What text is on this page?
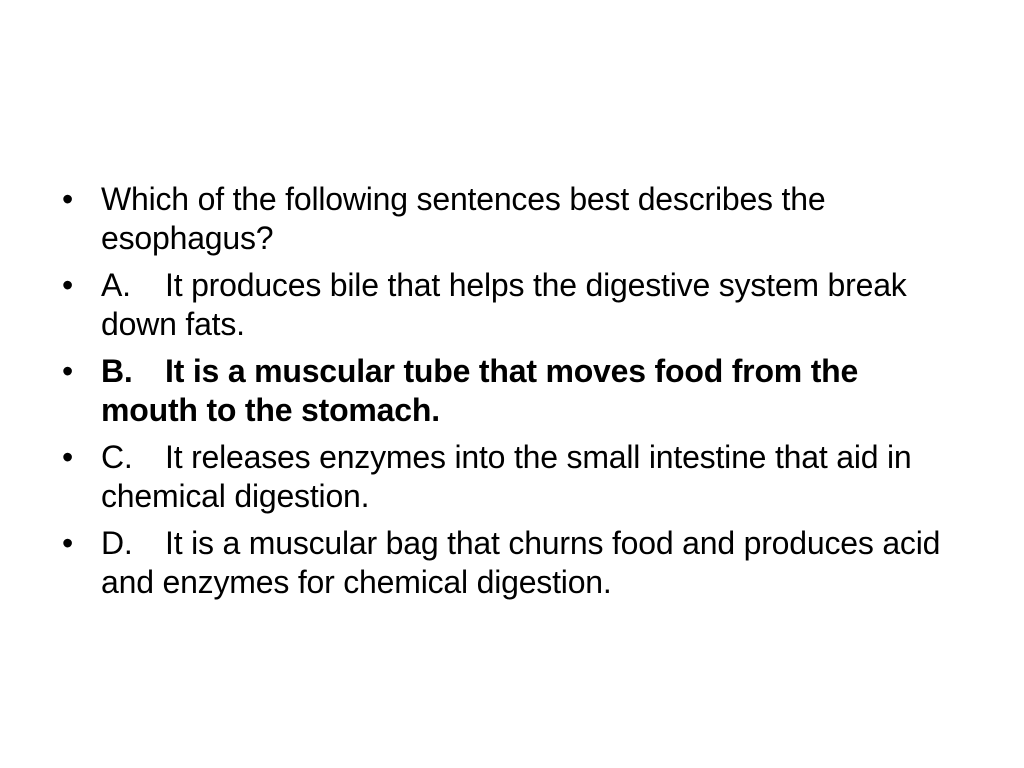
• Which of the following sentences best describes the esophagus?
• A. It produces bile that helps the digestive system break down fats.
• B. It is a muscular tube that moves food from the mouth to the stomach.
• C. It releases enzymes into the small intestine that aid in chemical digestion.
• D. It is a muscular bag that churns food and produces acid and enzymes for chemical digestion.
